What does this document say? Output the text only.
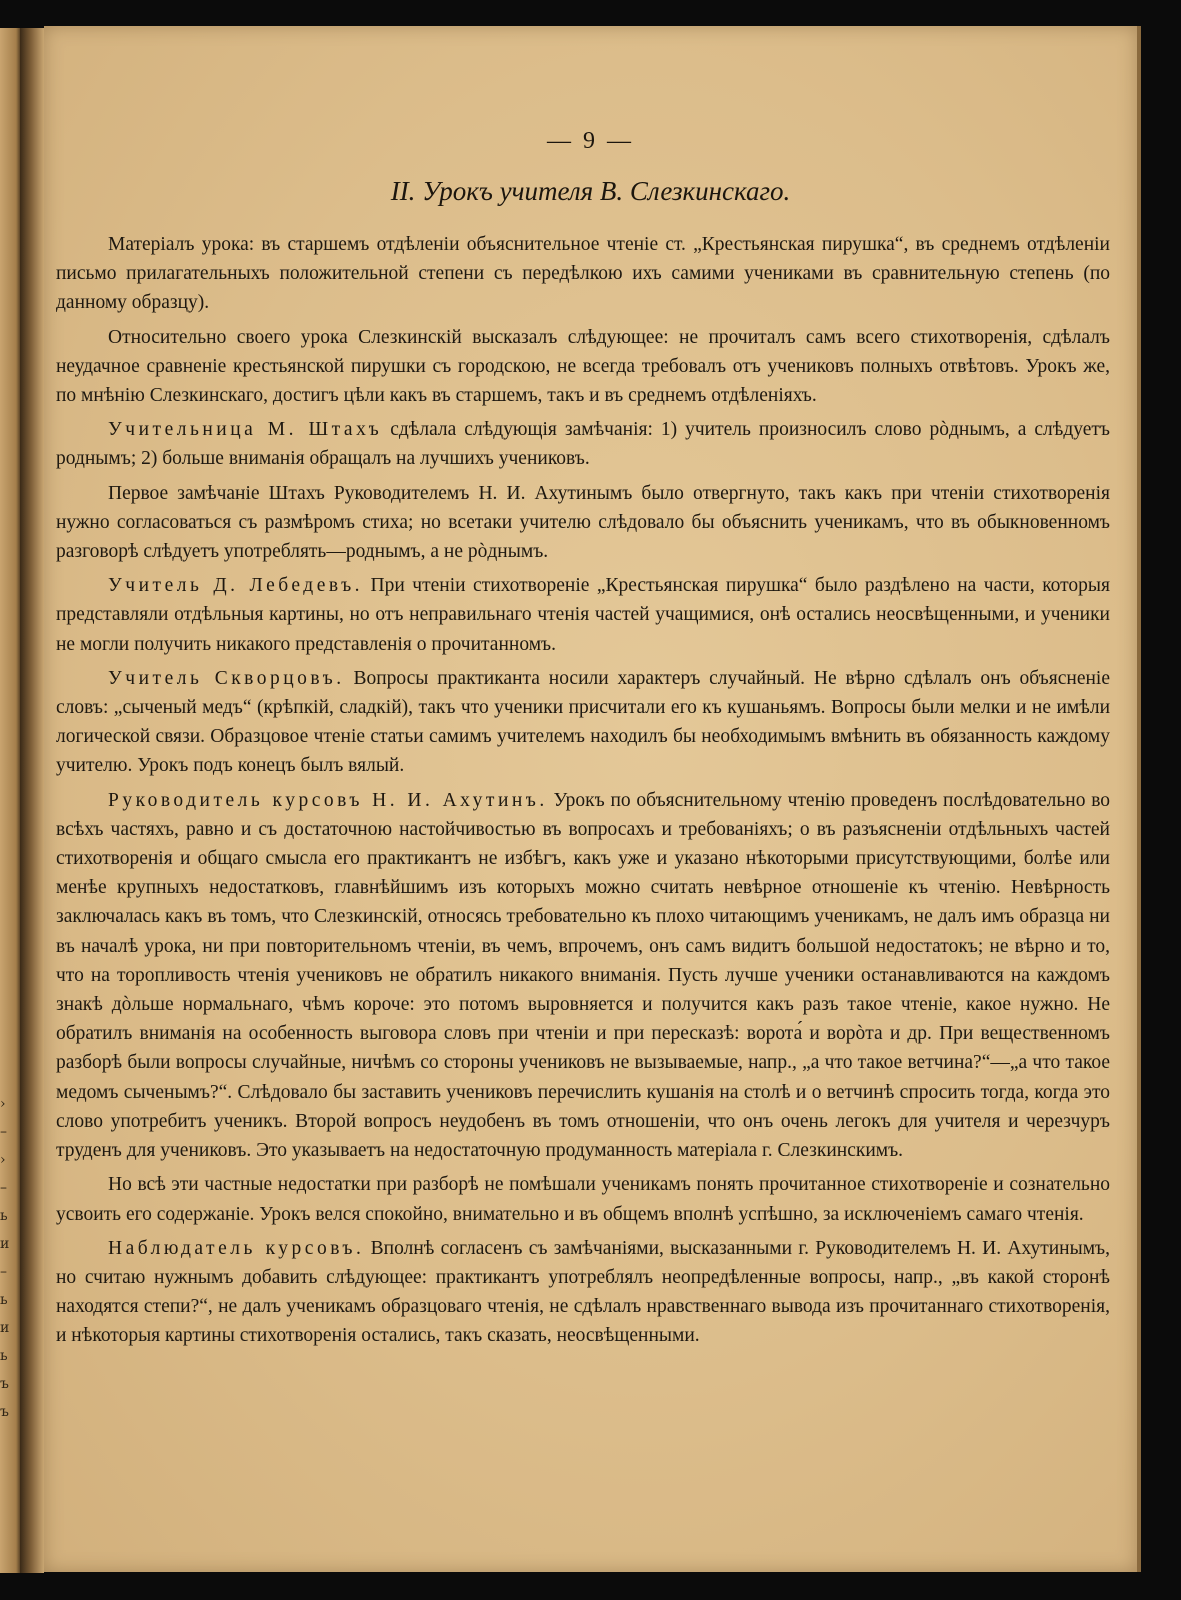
› – › – ь и – ь и ь ъ ъ
— 9 —
II. Урокъ учителя В. Слезкинскаго.

Матеріалъ урока: въ старшемъ отдѣленіи объяснительное чтеніе ст. „Крестьянская пирушка“, въ среднемъ отдѣленіи письмо прилагательныхъ положительной степени съ передѣлкою ихъ самими учениками въ сравнительную степень (по данному образцу).

Относительно своего урока Слезкинскій высказалъ слѣдующее: не прочиталъ самъ всего стихотворенія, сдѣлалъ неудачное сравненіе крестьянской пирушки съ городскою, не всегда требовалъ отъ учениковъ полныхъ отвѣтовъ. Урокъ же, по мнѣнію Слезкинскаго, достигъ цѣли какъ въ старшемъ, такъ и въ среднемъ отдѣленіяхъ.

Учительница М. Штахъ сдѣлала слѣдующія замѣчанія: 1) учитель произносилъ слово рòднымъ, а слѣдуетъ роднымъ; 2) больше вниманія обращалъ на лучшихъ учениковъ.

Первое замѣчаніе Штахъ Руководителемъ Н. И. Ахутинымъ было отвергнуто, такъ какъ при чтеніи стихотворенія нужно согласоваться съ размѣромъ стиха; но всетаки учителю слѣдовало бы объяснить ученикамъ, что въ обыкновенномъ разговорѣ слѣдуетъ употреблять—роднымъ, а не рòднымъ.

Учитель Д. Лебедевъ. При чтеніи стихотвореніе „Крестьянская пирушка“ было раздѣлено на части, которыя представляли отдѣльныя картины, но отъ неправильнаго чтенія частей учащимися, онѣ остались неосвѣщенными, и ученики не могли получить никакого представленія о прочитанномъ.

Учитель Скворцовъ. Вопросы практиканта носили характеръ случайный. Не вѣрно сдѣлалъ онъ объясненіе словъ: „сыченый медъ“ (крѣпкій, сладкій), такъ что ученики присчитали его къ кушаньямъ. Вопросы были мелки и не имѣли логической связи. Образцовое чтеніе статьи самимъ учителемъ находилъ бы необходимымъ вмѣнить въ обязанность каждому учителю. Урокъ подъ конецъ былъ вялый.

Руководитель курсовъ Н. И. Ахутинъ. Урокъ по объяснительному чтенію проведенъ послѣдовательно во всѣхъ частяхъ, равно и съ достаточною настойчивостью въ вопросахъ и требованіяхъ; о въ разъясненіи отдѣльныхъ частей стихотворенія и общаго смысла его практикантъ не избѣгъ, какъ уже и указано нѣкоторыми присутствующими, болѣе или менѣе крупныхъ недостатковъ, главнѣйшимъ изъ которыхъ можно считать невѣрное отношеніе къ чтенію. Невѣрность заключалась какъ въ томъ, что Слезкинскій, относясь требовательно къ плохо читающимъ ученикамъ, не далъ имъ образца ни въ началѣ урока, ни при повторительномъ чтеніи, въ чемъ, впрочемъ, онъ самъ видитъ большой недостатокъ; не вѣрно и то, что на торопливость чтенія учениковъ не обратилъ никакого вниманія. Пусть лучше ученики останавливаются на каждомъ знакѣ дòльше нормальнаго, чѣмъ короче: это потомъ выровняется и получится какъ разъ такое чтеніе, какое нужно. Не обратилъ вниманія на особенность выговора словъ при чтеніи и при пересказѣ: ворота́ и ворòта и др. При вещественномъ разборѣ были вопросы случайные, ничѣмъ со стороны учениковъ не вызываемые, напр., „а что такое ветчина?“—„а что такое медомъ сыченымъ?“. Слѣдовало бы заставить учениковъ перечислить кушанія на столѣ и о ветчинѣ спросить тогда, когда это слово употребитъ ученикъ. Второй вопросъ неудобенъ въ томъ отношеніи, что онъ очень легокъ для учителя и черезчуръ труденъ для учениковъ. Это указываетъ на недостаточную продуманность матеріала г. Слезкинскимъ.

Но всѣ эти частные недостатки при разборѣ не помѣшали ученикамъ понять прочитанное стихотвореніе и сознательно усвоить его содержаніе. Урокъ велся спокойно, внимательно и въ общемъ вполнѣ успѣшно, за исключеніемъ самаго чтенія.

Наблюдатель курсовъ. Вполнѣ согласенъ съ замѣчаніями, высказанными г. Руководителемъ Н. И. Ахутинымъ, но считаю нужнымъ добавить слѣдующее: практикантъ употреблялъ неопредѣленные вопросы, напр., „въ какой сторонѣ находятся степи?“, не далъ ученикамъ образцоваго чтенія, не сдѣлалъ нравственнаго вывода изъ прочитаннаго стихотворенія, и нѣкоторыя картины стихотворенія остались, такъ сказать, неосвѣщенными.
